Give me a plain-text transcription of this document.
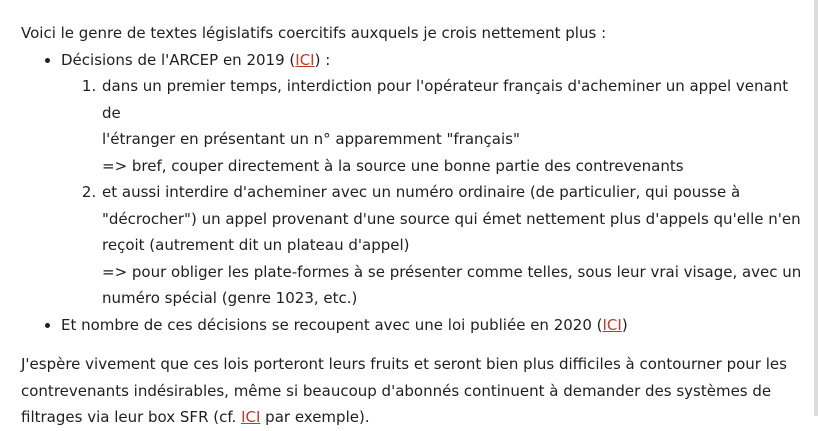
Voici le genre de textes législatifs coercitifs auxquels je crois nettement plus :

• Décisions de l'ARCEP en 2019 (ICI) :
1. dans un premier temps, interdiction pour l'opérateur français d'acheminer un appel venant de
l'étranger en présentant un n° apparemment "français"
=> bref, couper directement à la source une bonne partie des contrevenants
2. et aussi interdire d'acheminer avec un numéro ordinaire (de particulier, qui pousse à
"décrocher") un appel provenant d'une source qui émet nettement plus d'appels qu'elle n'en
reçoit (autrement dit un plateau d'appel)
=> pour obliger les plate-formes à se présenter comme telles, sous leur vrai visage, avec un
numéro spécial (genre 1023, etc.)
• Et nombre de ces décisions se recoupent avec une loi publiée en 2020 (ICI)

J'espère vivement que ces lois porteront leurs fruits et seront bien plus difficiles à contourner pour les
contrevenants indésirables, même si beaucoup d'abonnés continuent à demander des systèmes de
filtrages via leur box SFR (cf. ICI par exemple).
